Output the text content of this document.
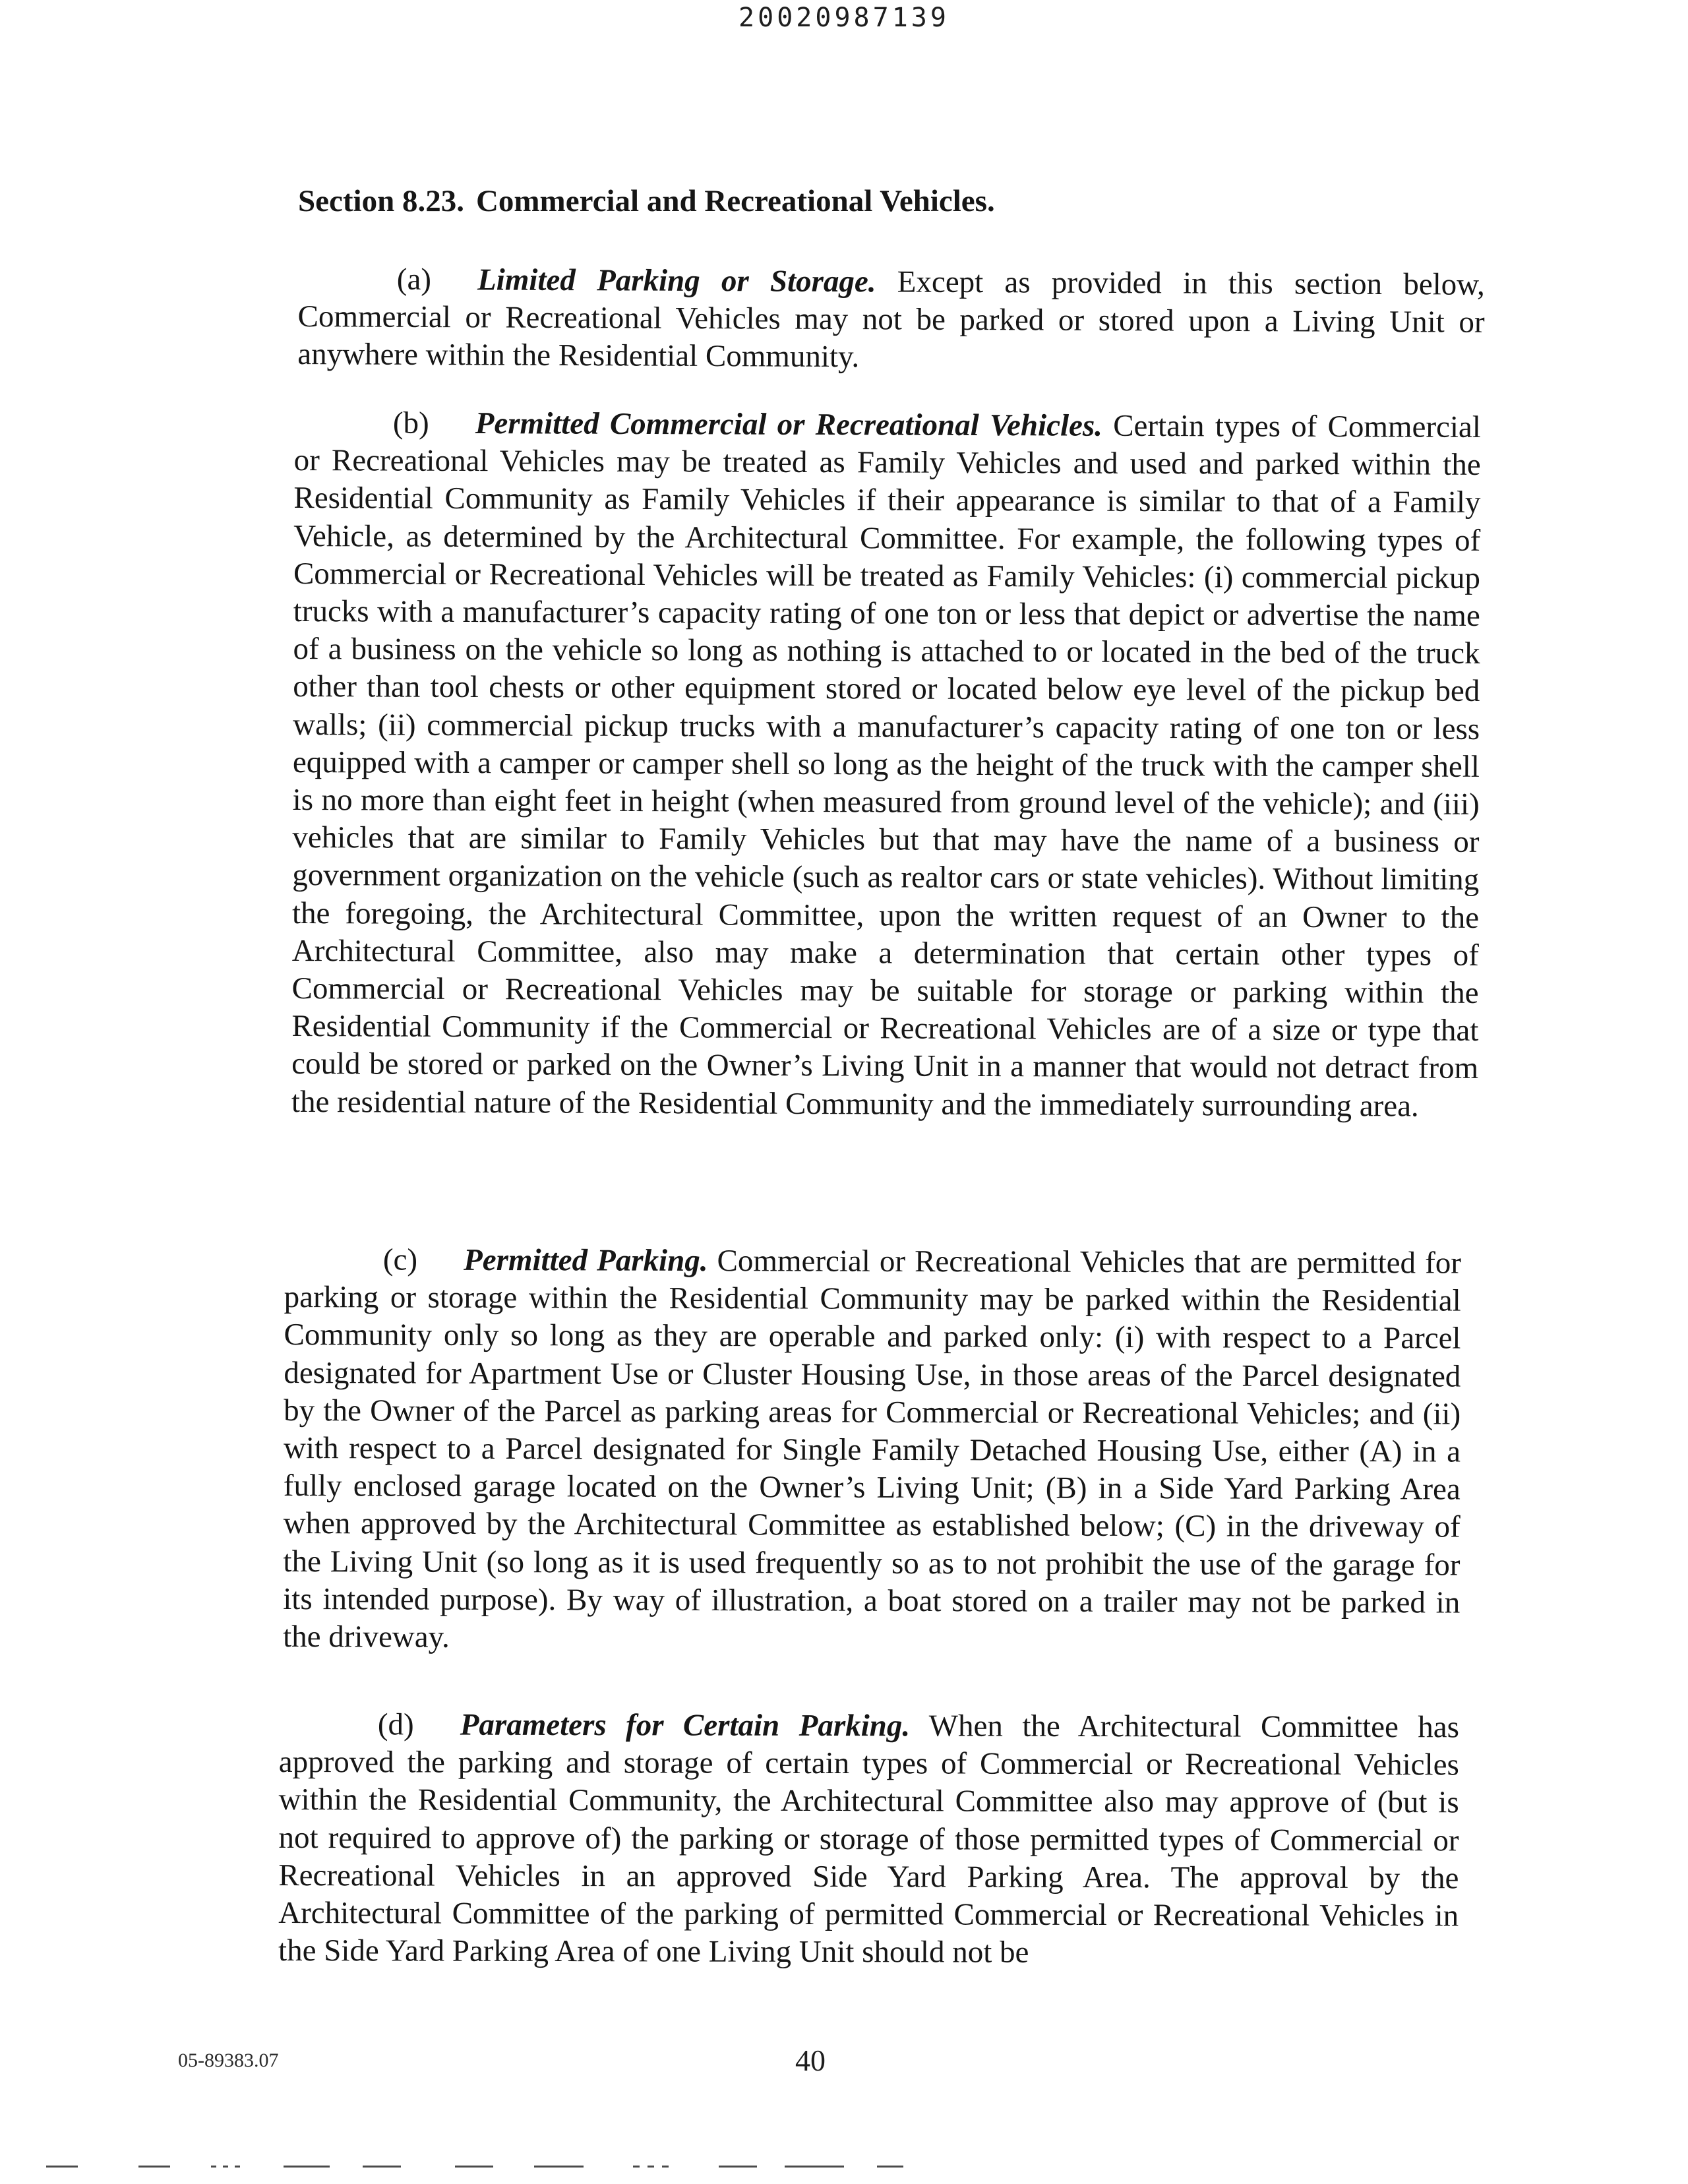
20020987139
Section 8.23. Commercial and Recreational Vehicles.
(a) Limited Parking or Storage. Except as provided in this section below, Commercial or Recreational Vehicles may not be parked or stored upon a Living Unit or anywhere within the Residential Community.
(b) Permitted Commercial or Recreational Vehicles. Certain types of Commercial or Recreational Vehicles may be treated as Family Vehicles and used and parked within the Residential Community as Family Vehicles if their appearance is similar to that of a Family Vehicle, as determined by the Architectural Committee. For example, the following types of Commercial or Recreational Vehicles will be treated as Family Vehicles: (i) commercial pickup trucks with a manufacturer’s capacity rating of one ton or less that depict or advertise the name of a business on the vehicle so long as nothing is attached to or located in the bed of the truck other than tool chests or other equipment stored or located below eye level of the pickup bed walls; (ii) commercial pickup trucks with a manufacturer’s capacity rating of one ton or less equipped with a camper or camper shell so long as the height of the truck with the camper shell is no more than eight feet in height (when measured from ground level of the vehicle); and (iii) vehicles that are similar to Family Vehicles but that may have the name of a business or government organization on the vehicle (such as realtor cars or state vehicles). Without limiting the foregoing, the Architectural Committee, upon the written request of an Owner to the Architectural Committee, also may make a determination that certain other types of Commercial or Recreational Vehicles may be suitable for storage or parking within the Residential Community if the Commercial or Recreational Vehicles are of a size or type that could be stored or parked on the Owner’s Living Unit in a manner that would not detract from the residential nature of the Residential Community and the immediately surrounding area.
(c) Permitted Parking. Commercial or Recreational Vehicles that are permitted for parking or storage within the Residential Community may be parked within the Residential Community only so long as they are operable and parked only: (i) with respect to a Parcel designated for Apartment Use or Cluster Housing Use, in those areas of the Parcel designated by the Owner of the Parcel as parking areas for Commercial or Recreational Vehicles; and (ii) with respect to a Parcel designated for Single Family Detached Housing Use, either (A) in a fully enclosed garage located on the Owner’s Living Unit; (B) in a Side Yard Parking Area when approved by the Architectural Committee as established below; (C) in the driveway of the Living Unit (so long as it is used frequently so as to not prohibit the use of the garage for its intended purpose). By way of illustration, a boat stored on a trailer may not be parked in the driveway.
(d) Parameters for Certain Parking. When the Architectural Committee has approved the parking and storage of certain types of Commercial or Recreational Vehicles within the Residential Community, the Architectural Committee also may approve of (but is not required to approve of) the parking or storage of those permitted types of Commercial or Recreational Vehicles in an approved Side Yard Parking Area. The approval by the Architectural Committee of the parking of permitted Commercial or Recreational Vehicles in the Side Yard Parking Area of one Living Unit should not be
05-89383.07	40
